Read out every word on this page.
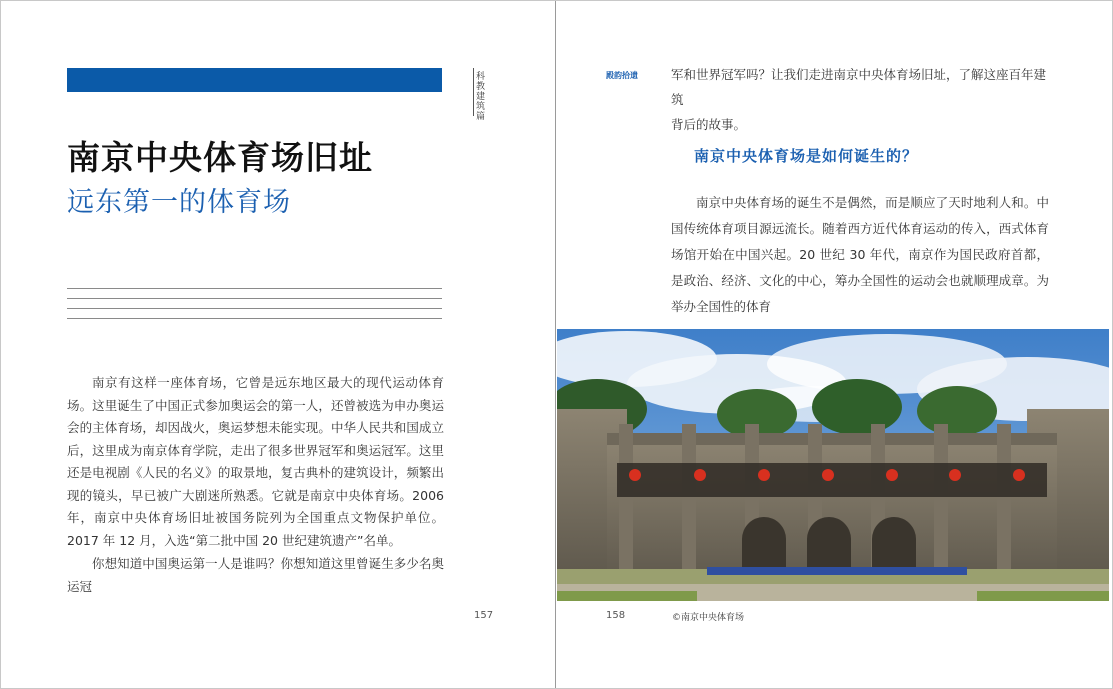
科教建筑篇
南京中央体育场旧址
远东第一的体育场

南京有这样一座体育场，它曾是远东地区最大的现代运动体育场。这里诞生了中国正式参加奥运会的第一人，还曾被选为申办奥运会的主体育场，却因战火，奥运梦想未能实现。中华人民共和国成立后，这里成为南京体育学院，走出了很多世界冠军和奥运冠军。这里还是电视剧《人民的名义》的取景地，复古典朴的建筑设计，频繁出现的镜头，早已被广大剧迷所熟悉。它就是南京中央体育场。2006 年，南京中央体育场旧址被国务院列为全国重点文物保护单位。2017 年 12 月，入选“第二批中国 20 世纪建筑遗产”名单。

你想知道中国奥运第一人是谁吗？你想知道这里曾诞生多少名奥运冠

157
殿韵拾遗	军和世界冠军吗？让我们走进南京中央体育场旧址，了解这座百年建筑

背后的故事。

南京中央体育场是如何诞生的？

南京中央体育场的诞生不是偶然，而是顺应了天时地利人和。中国传统体育项目源远流长。随着西方近代体育运动的传入，西式体育场馆开始在中国兴起。20 世纪 30 年代，南京作为国民政府首都，是政治、经济、文化的中心，筹办全国性的运动会也就顺理成章。为举办全国性的体育

158	©南京中央体育场
